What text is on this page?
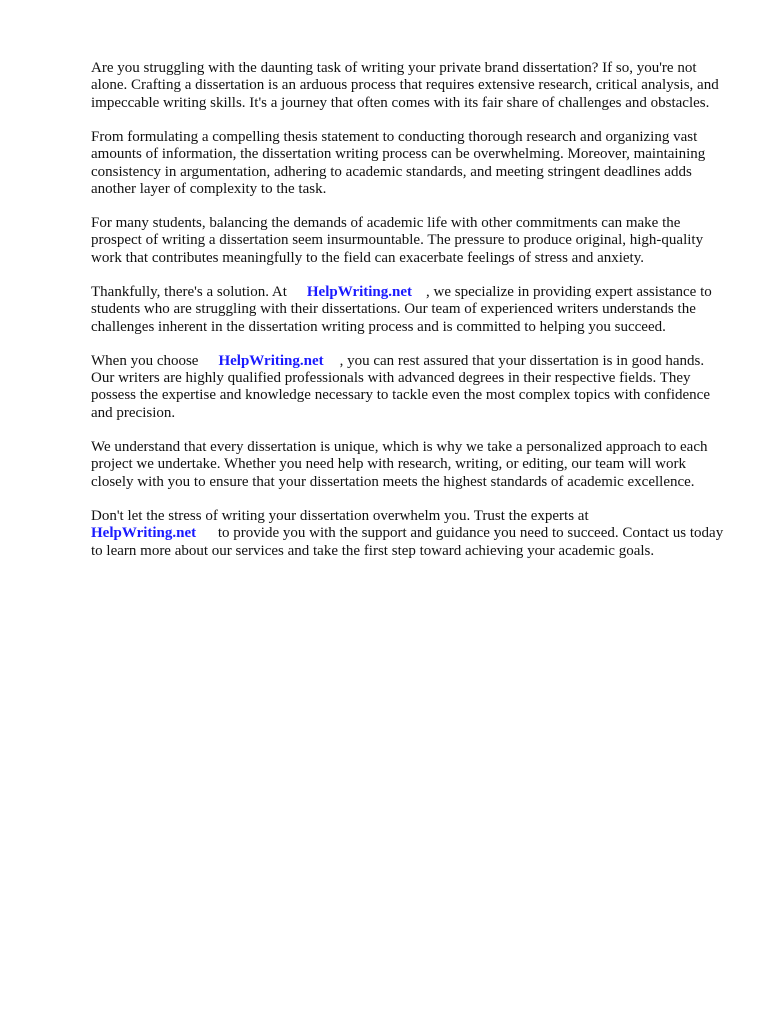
Are you struggling with the daunting task of writing your private brand dissertation? If so, you're not alone. Crafting a dissertation is an arduous process that requires extensive research, critical analysis, and impeccable writing skills. It's a journey that often comes with its fair share of challenges and obstacles.

From formulating a compelling thesis statement to conducting thorough research and organizing vast amounts of information, the dissertation writing process can be overwhelming. Moreover, maintaining consistency in argumentation, adhering to academic standards, and meeting stringent deadlines adds another layer of complexity to the task.

For many students, balancing the demands of academic life with other commitments can make the prospect of writing a dissertation seem insurmountable. The pressure to produce original, high-quality work that contributes meaningfully to the field can exacerbate feelings of stress and anxiety.

Thankfully, there's a solution. At HelpWriting.net , we specialize in providing expert assistance to students who are struggling with their dissertations. Our team of experienced writers understands the challenges inherent in the dissertation writing process and is committed to helping you succeed.

When you choose HelpWriting.net , you can rest assured that your dissertation is in good hands. Our writers are highly qualified professionals with advanced degrees in their respective fields. They possess the expertise and knowledge necessary to tackle even the most complex topics with confidence and precision.

We understand that every dissertation is unique, which is why we take a personalized approach to each project we undertake. Whether you need help with research, writing, or editing, our team will work closely with you to ensure that your dissertation meets the highest standards of academic excellence.

Don't let the stress of writing your dissertation overwhelm you. Trust the experts at
HelpWriting.net to provide you with the support and guidance you need to succeed. Contact us today to learn more about our services and take the first step toward achieving your academic goals.
